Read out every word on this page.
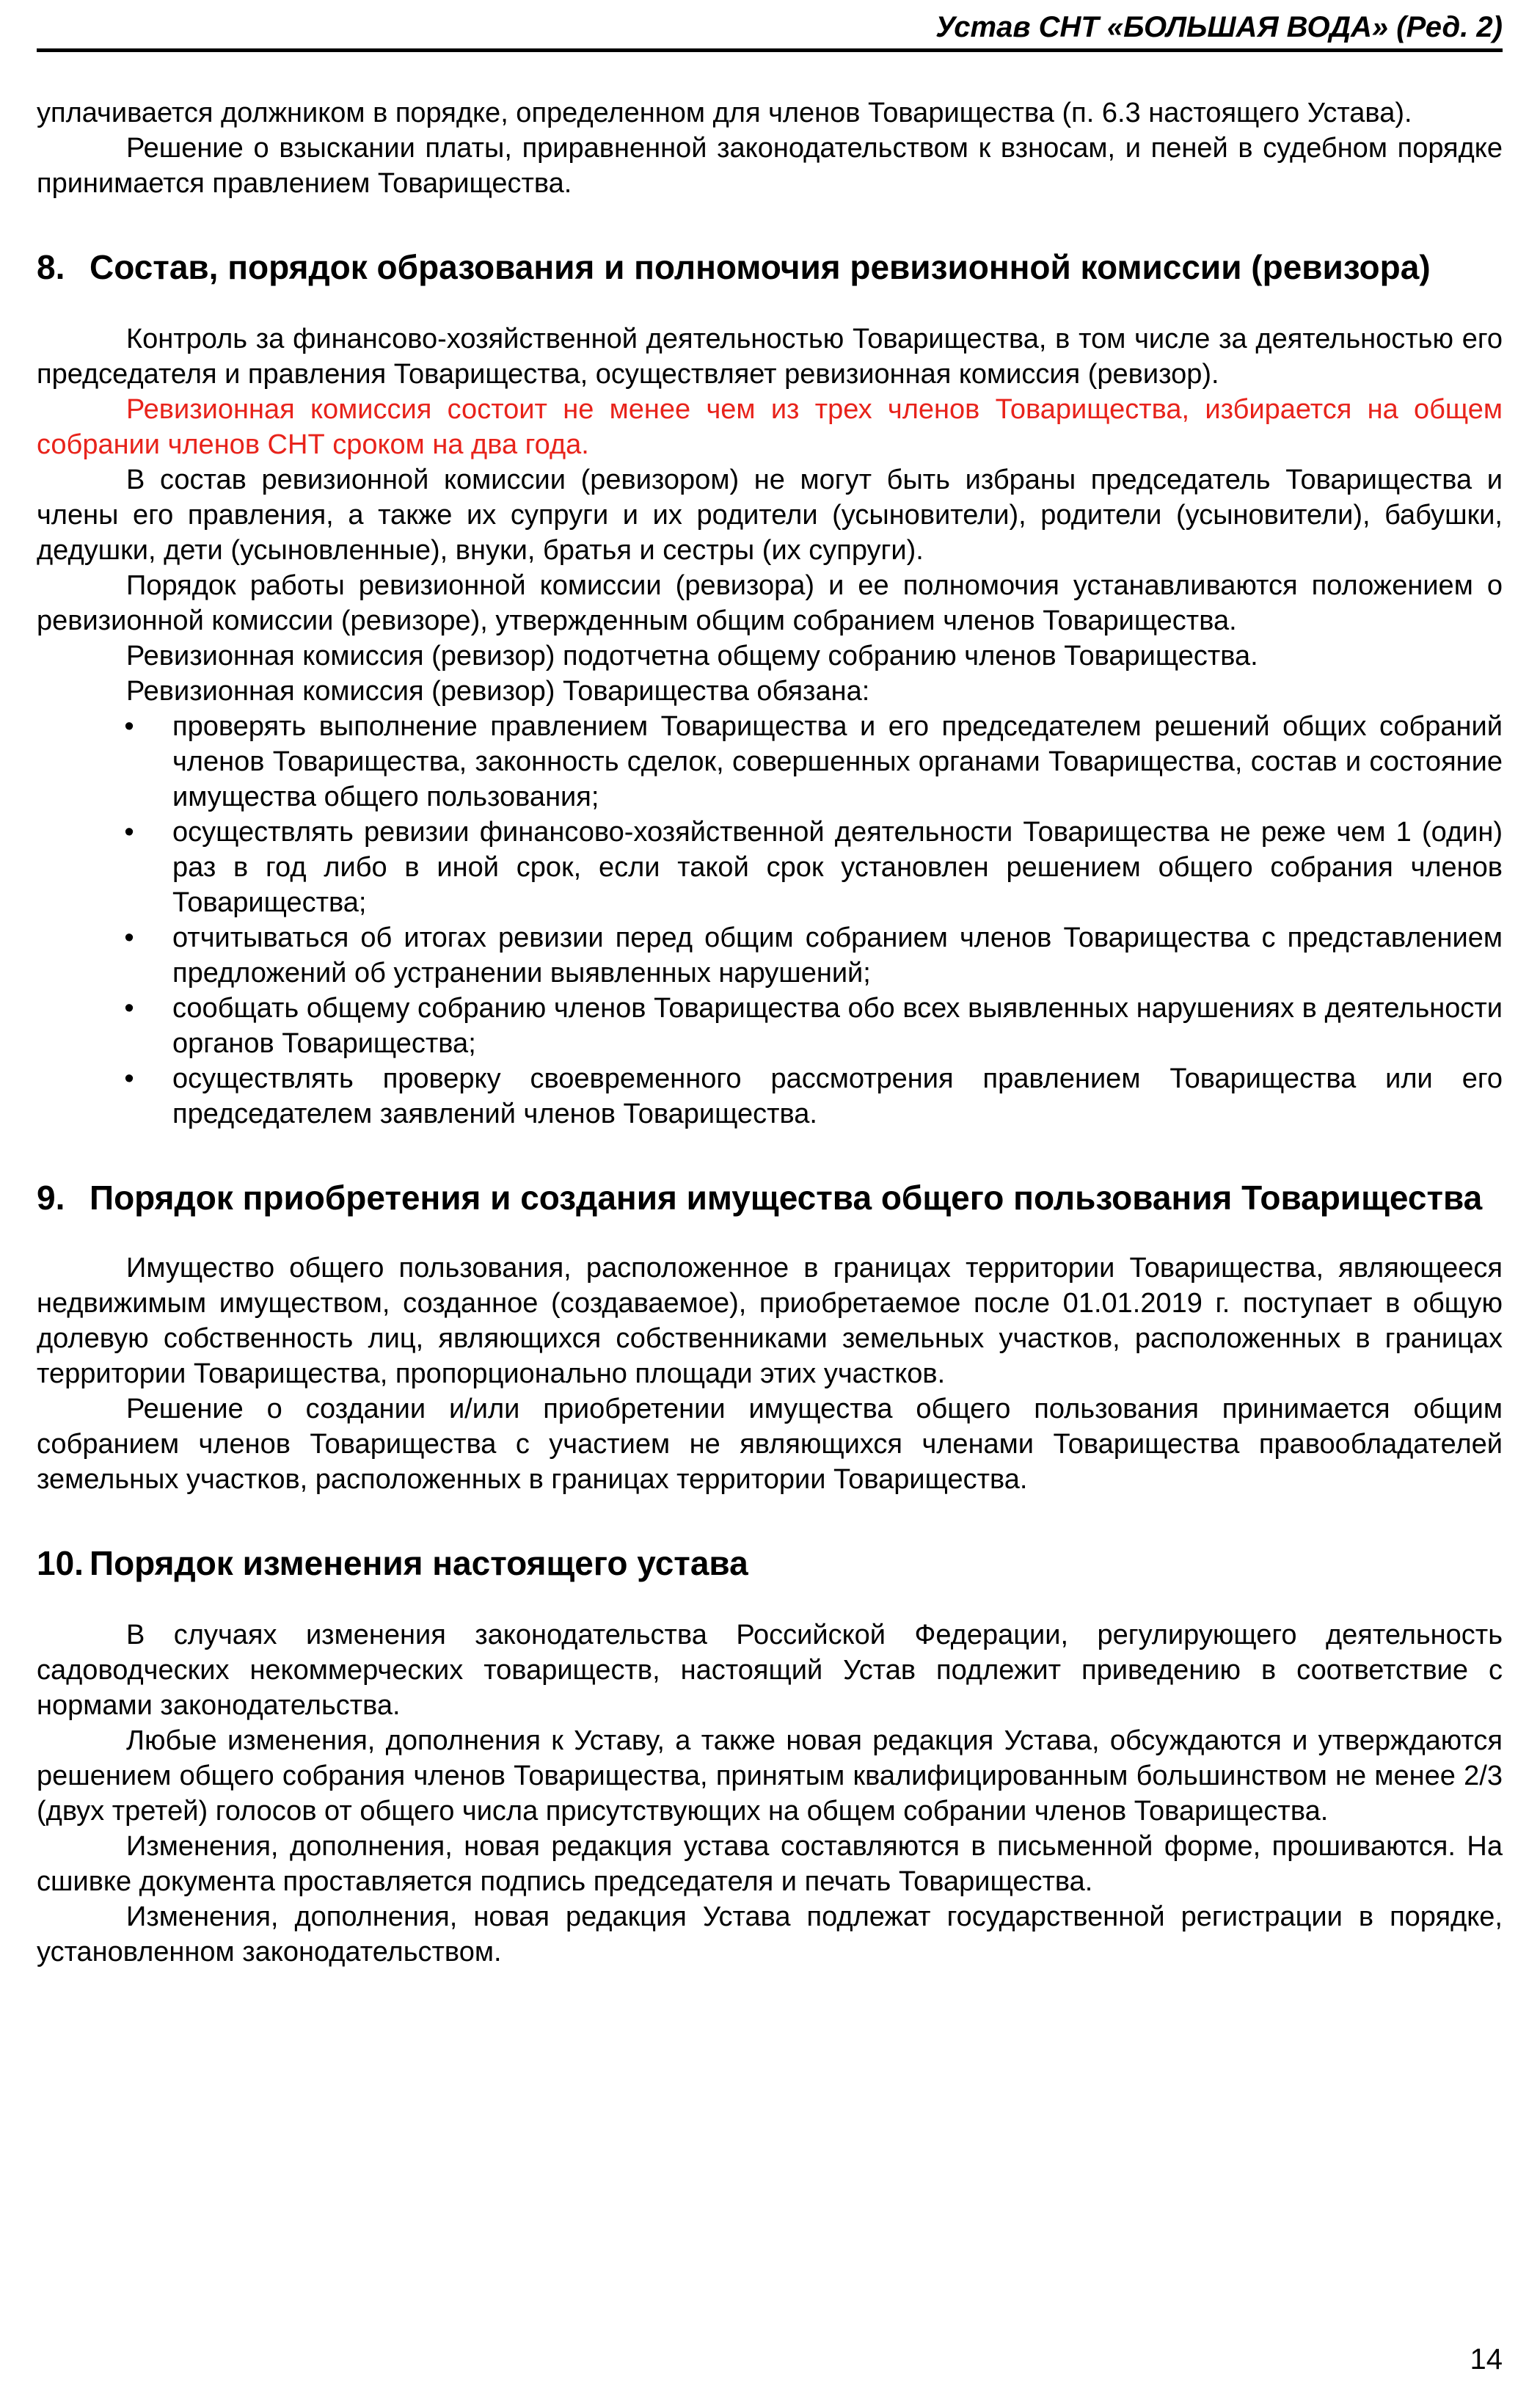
Устав СНТ «БОЛЬШАЯ ВОДА» (Ред. 2)

уплачивается должником в порядке, определенном для членов Товарищества (п. 6.3 настоящего Устава).

Решение о взыскании платы, приравненной законодательством к взносам, и пеней в судебном порядке принимается правлением Товарищества.

8. Состав, порядок образования и полномочия ревизионной комиссии (ревизора)

Контроль за финансово-хозяйственной деятельностью Товарищества, в том числе за деятельностью его председателя и правления Товарищества, осуществляет ревизионная комиссия (ревизор).

Ревизионная комиссия состоит не менее чем из трех членов Товарищества, избирается на общем собрании членов СНТ сроком на два года.

В состав ревизионной комиссии (ревизором) не могут быть избраны председатель Товарищества и члены его правления, а также их супруги и их родители (усыновители), родители (усыновители), бабушки, дедушки, дети (усыновленные), внуки, братья и сестры (их супруги).

Порядок работы ревизионной комиссии (ревизора) и ее полномочия устанавливаются положением о ревизионной комиссии (ревизоре), утвержденным общим собранием членов Товарищества.

Ревизионная комиссия (ревизор) подотчетна общему собранию членов Товарищества.

Ревизионная комиссия (ревизор) Товарищества обязана:

• проверять выполнение правлением Товарищества и его председателем решений общих собраний членов Товарищества, законность сделок, совершенных органами Товарищества, состав и состояние имущества общего пользования;
• осуществлять ревизии финансово-хозяйственной деятельности Товарищества не реже чем 1 (один) раз в год либо в иной срок, если такой срок установлен решением общего собрания членов Товарищества;
• отчитываться об итогах ревизии перед общим собранием членов Товарищества с представлением предложений об устранении выявленных нарушений;
• сообщать общему собранию членов Товарищества обо всех выявленных нарушениях в деятельности органов Товарищества;
• осуществлять проверку своевременного рассмотрения правлением Товарищества или его председателем заявлений членов Товарищества.
9. Порядок приобретения и создания имущества общего пользования Товарищества

Имущество общего пользования, расположенное в границах территории Товарищества, являющееся недвижимым имуществом, созданное (создаваемое), приобретаемое после 01.01.2019 г. поступает в общую долевую собственность лиц, являющихся собственниками земельных участков, расположенных в границах территории Товарищества, пропорционально площади этих участков.

Решение о создании и/или приобретении имущества общего пользования принимается общим собранием членов Товарищества с участием не являющихся членами Товарищества правообладателей земельных участков, расположенных в границах территории Товарищества.

10. Порядок изменения настоящего устава

В случаях изменения законодательства Российской Федерации, регулирующего деятельность садоводческих некоммерческих товариществ, настоящий Устав подлежит приведению в соответствие с нормами законодательства.

Любые изменения, дополнения к Уставу, а также новая редакция Устава, обсуждаются и утверждаются решением общего собрания членов Товарищества, принятым квалифицированным большинством не менее 2/3 (двух третей) голосов от общего числа присутствующих на общем собрании членов Товарищества.

Изменения, дополнения, новая редакция устава составляются в письменной форме, прошиваются. На сшивке документа проставляется подпись председателя и печать Товарищества.

Изменения, дополнения, новая редакция Устава подлежат государственной регистрации в порядке, установленном законодательством.

14
